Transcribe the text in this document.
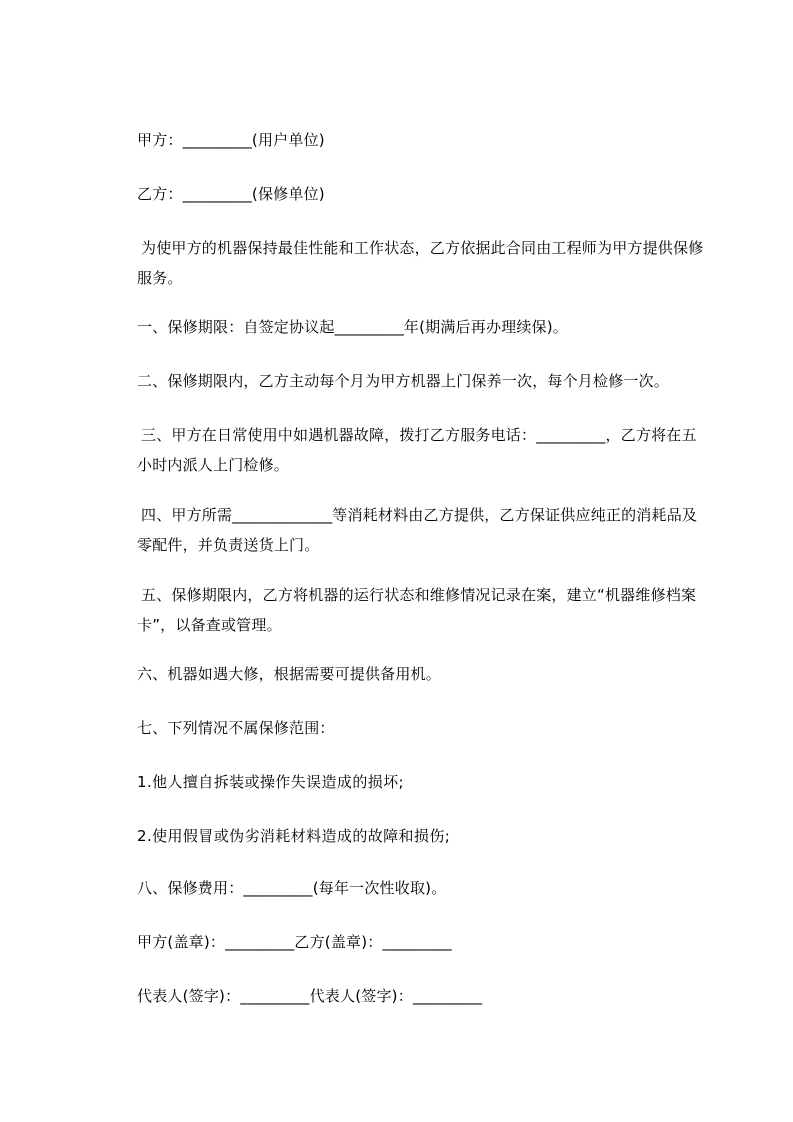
甲方：_________(用户单位)
乙方：_________(保修单位)
为使甲方的机器保持最佳性能和工作状态，乙方依据此合同由工程师为甲方提供保修服务。
一、保修期限：自签定协议起_________年(期满后再办理续保)。
二、保修期限内，乙方主动每个月为甲方机器上门保养一次，每个月检修一次。
三、甲方在日常使用中如遇机器故障，拨打乙方服务电话：_________，乙方将在五小时内派人上门检修。
四、甲方所需_____________等消耗材料由乙方提供，乙方保证供应纯正的消耗品及零配件，并负责送货上门。
五、保修期限内，乙方将机器的运行状态和维修情况记录在案，建立“机器维修档案卡”，以备查或管理。
六、机器如遇大修，根据需要可提供备用机。
七、下列情况不属保修范围：
1.他人擅自拆装或操作失误造成的损坏;
2.使用假冒或伪劣消耗材料造成的故障和损伤;
八、保修费用：_________(每年一次性收取)。
甲方(盖章)：_________乙方(盖章)：_________
代表人(签字)：_________代表人(签字)：_________
